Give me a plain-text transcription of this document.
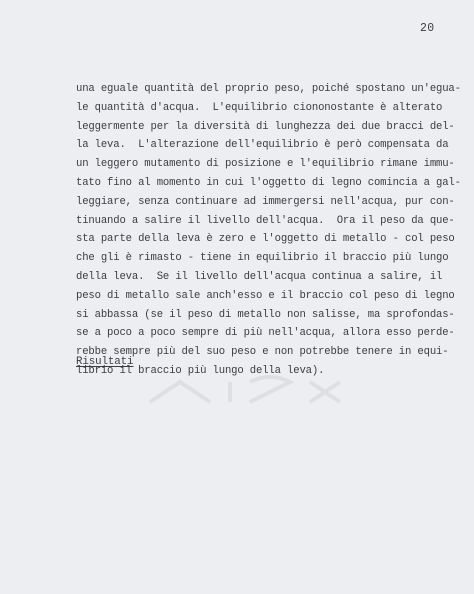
20
una eguale quantità del proprio peso, poiché spostano un'egua-
le quantità d'acqua.  L'equilibrio ciononostante è alterato
leggermente per la diversità di lunghezza dei due bracci del-
la leva.  L'alterazione dell'equilibrio è però compensata da
un leggero mutamento di posizione e l'equilibrio rimane immu-
tato fino al momento in cui l'oggetto di legno comincia a gal-
leggiare, senza continuare ad immergersi nell'acqua, pur con-
tinuando a salire il livello dell'acqua.  Ora il peso da que-
sta parte della leva è zero e l'oggetto di metallo - col peso
che gli è rimasto - tiene in equilibrio il braccio più lungo
della leva.  Se il livello dell'acqua continua a salire, il
peso di metallo sale anch'esso e il braccio col peso di legno
si abbassa (se il peso di metallo non salisse, ma sprofondas-
se a poco a poco sempre di più nell'acqua, allora esso perde-
rebbe sempre più del suo peso e non potrebbe tenere in equi-
librio il braccio più lungo della leva).
Risultati
